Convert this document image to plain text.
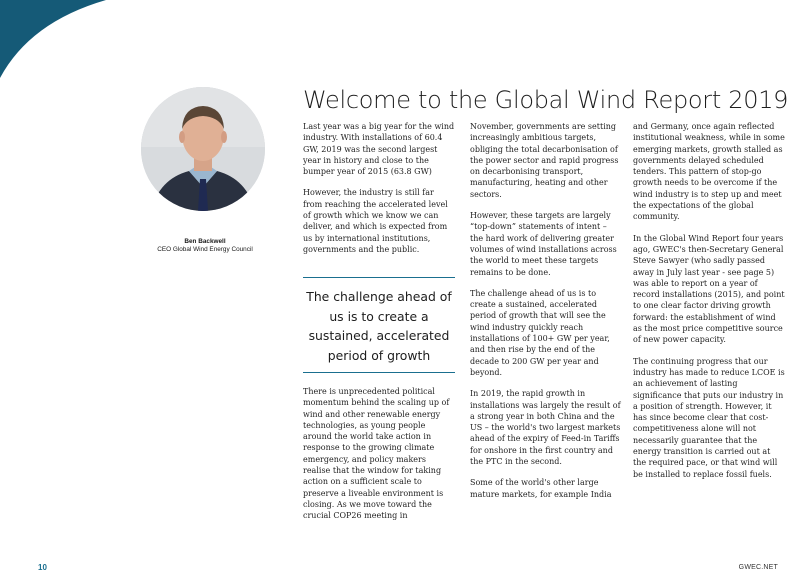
Ben Backwell
CEO Global Wind Energy Council
Welcome to the Global Wind Report 2019

Last year was a big year for the wind industry. With installations of 60.4 GW, 2019 was the second largest year in history and close to the bumper year of 2015 (63.8 GW)

However, the industry is still far from reaching the accelerated level of growth which we know we can deliver, and which is expected from us by international institutions, governments and the public.

The challenge ahead of us is to create a sustained, accelerated period of growth

There is unprecedented political momentum behind the scaling up of wind and other renewable energy technologies, as young people around the world take action in response to the growing climate emergency, and policy makers realise that the window for taking action on a sufficient scale to preserve a liveable environment is closing. As we move toward the crucial COP26 meeting in

November, governments are setting increasingly ambitious targets, obliging the total decarbonisation of the power sector and rapid progress on decarbonising transport, manufacturing, heating and other sectors.

However, these targets are largely “top-down” statements of intent – the hard work of delivering greater volumes of wind installations across the world to meet these targets remains to be done.

The challenge ahead of us is to create a sustained, accelerated period of growth that will see the wind industry quickly reach installations of 100+ GW per year, and then rise by the end of the decade to 200 GW per year and beyond.

In 2019, the rapid growth in installations was largely the result of a strong year in both China and the US – the world's two largest markets ahead of the expiry of Feed-in Tariffs for onshore in the first country and the PTC in the second.

Some of the world's other large mature markets, for example India

and Germany, once again reflected institutional weakness, while in some emerging markets, growth stalled as governments delayed scheduled tenders. This pattern of stop-go growth needs to be overcome if the wind industry is to step up and meet the expectations of the global community.

In the Global Wind Report four years ago, GWEC's then-Secretary General Steve Sawyer (who sadly passed away in July last year - see page 5) was able to report on a year of record installations (2015), and point to one clear factor driving growth forward: the establishment of wind as the most price competitive source of new power capacity.

The continuing progress that our industry has made to reduce LCOE is an achievement of lasting significance that puts our industry in a position of strength. However, it has since become clear that cost-competitiveness alone will not necessarily guarantee that the energy transition is carried out at the required pace, or that wind will be installed to replace fossil fuels.

10	GWEC.NET
